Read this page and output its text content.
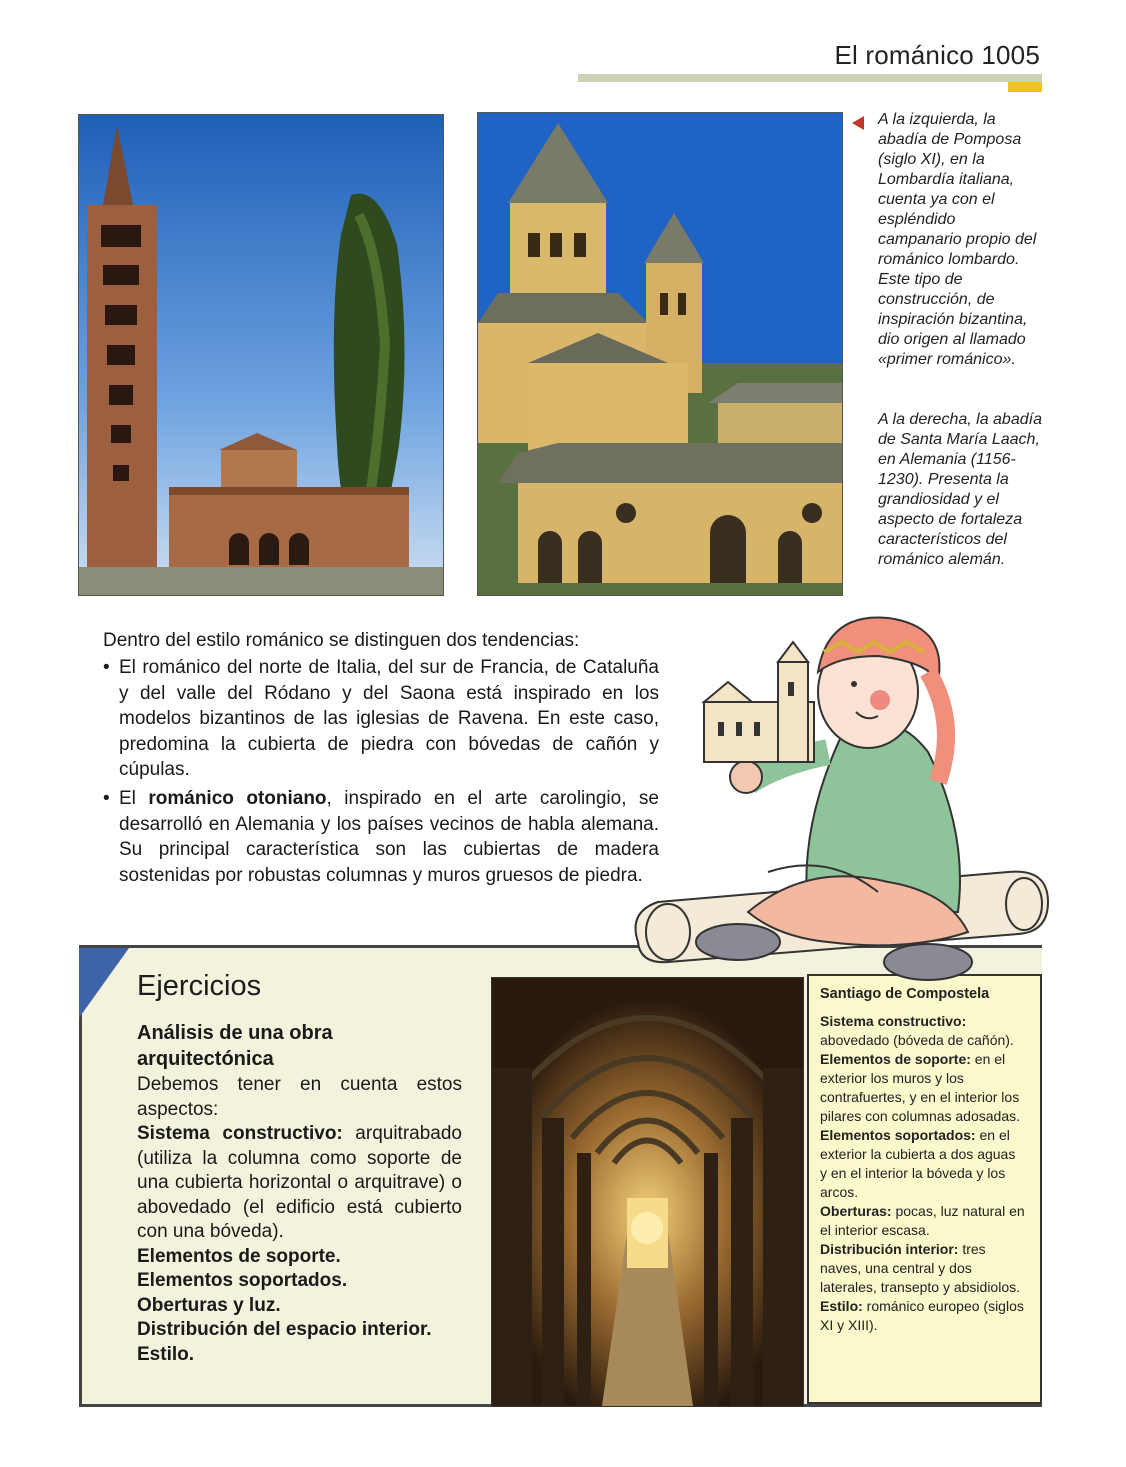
El románico 1005
A la izquierda, la abadía de Pomposa (siglo XI), en la Lombardía italiana, cuenta ya con el espléndido campanario propio del románico lombardo. Este tipo de construcción, de inspiración bizantina, dio origen al llamado «primer románico».
A la derecha, la abadía de Santa María Laach, en Alemania (1156-1230). Presenta la grandiosidad y el aspecto de fortaleza característicos del románico alemán.
Dentro del estilo románico se distinguen dos tendencias:
• El románico del norte de Italia, del sur de Francia, de Cataluña y del valle del Ródano y del Saona está inspirado en los modelos bizantinos de las iglesias de Ravena. En este caso, predomina la cubierta de piedra con bóvedas de cañón y cúpulas.
• El románico otoniano, inspirado en el arte carolingio, se desarrolló en Alemania y los países vecinos de habla alemana. Su principal característica son las cubiertas de madera sostenidas por robustas columnas y muros gruesos de piedra.
Ejercicios
Análisis de una obra arquitectónica
Debemos tener en cuenta estos aspectos:
Sistema constructivo: arquitrabado (utiliza la columna como soporte de una cubierta horizontal o arquitrave) o abovedado (el edificio está cubierto con una bóveda).
Elementos de soporte.
Elementos soportados.
Oberturas y luz.
Distribución del espacio interior.
Estilo.
Santiago de Compostela
Sistema constructivo: abovedado (bóveda de cañón).
Elementos de soporte: en el exterior los muros y los contrafuertes, y en el interior los pilares con columnas adosadas.
Elementos soportados: en el exterior la cubierta a dos aguas y en el interior la bóveda y los arcos.
Oberturas: pocas, luz natural en el interior escasa.
Distribución interior: tres naves, una central y dos laterales, transepto y absidiolos.
Estilo: románico europeo (siglos XI y XIII).
